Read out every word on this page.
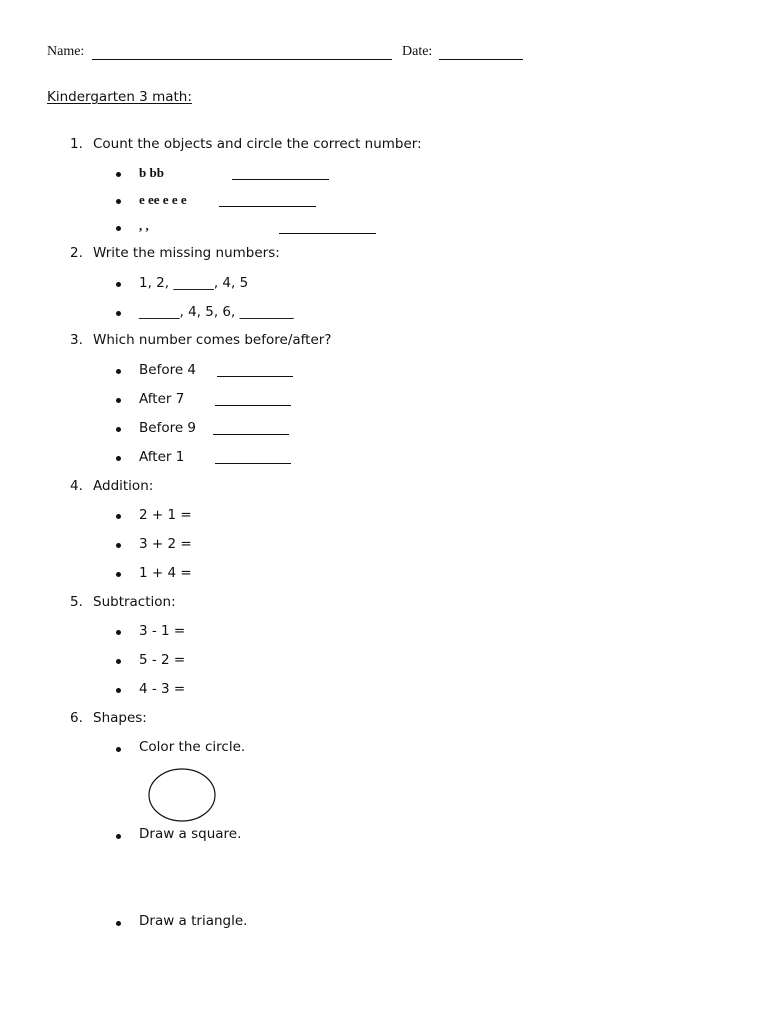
Name:	Date:
Kindergarten 3 math:
1. Count the objects and circle the correct number:
b bb
e ee e e e
, ,
2. Write the missing numbers:
1, 2, ______, 4, 5
______, 4, 5, 6, ________
3. Which number comes before/after?
Before 4
After 7
Before 9
After 1
4. Addition:
2 + 1 =
3 + 2 =
1 + 4 =
5. Subtraction:
3 - 1 =
5 - 2 =
4 - 3 =
6. Shapes:
Color the circle.
Draw a square.
Draw a triangle.
